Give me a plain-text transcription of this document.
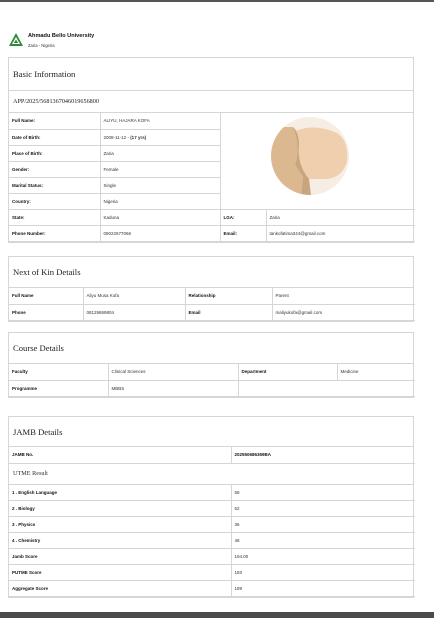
Ahmadu Bello University
Zaria - Nigeria
Basic Information
APP/2025/5681367046019656800
Full Name:	ALIYU, HAJARA KOFA	

Date of Birth:	2008-11-12 - (17 yrs)		
Place of Birth:	Zaria		
Gender:	Female		
Marital Status:	Single		
Country:	Nigeria		
State:	Kaduna	LGA:	Zaria
Phone Number:	09022677066	Email:	tankofatima344@gmail.com
Next of Kin Details
Full Name	Aliyu Musa Kofa	Relationship	Parent
Phone	08129869804	Email	maliyukofa@gmail.com
Course Details
Faculty	Clinical Sciences	Department	Medicine
Programme	MBBS		
JAMB Details
JAMB No.	202550686369BA
UTME Result
1 . English Language	58
2 . Biology	52
3 . Physics	36
4 . Chemistry	48
Jamb Score	194.00
PUTME Score	183
Aggregate Score	189
